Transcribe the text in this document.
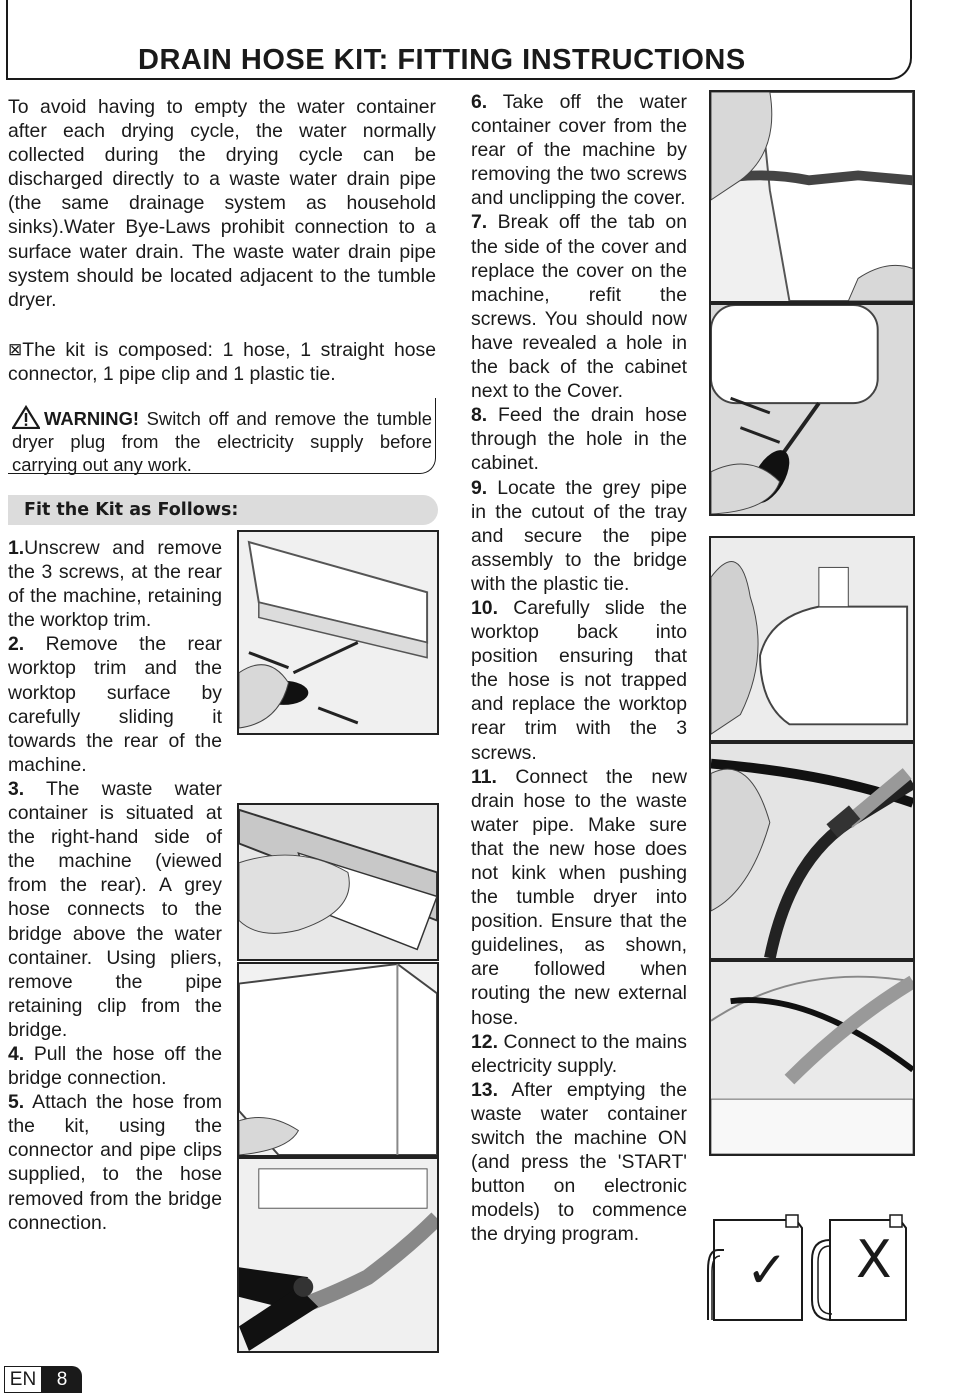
DRAIN HOSE KIT: FITTING INSTRUCTIONS

To avoid having to empty the water container after each drying cycle, the water normally collected during the drying cycle can be discharged directly to a waste water drain pipe (the same drainage system as household sinks).Water Bye-Laws prohibit connection to a surface water drain. The waste water drain pipe system should be located adjacent to the tumble dryer.

⊠The kit is composed: 1 hose, 1 straight hose connector, 1 pipe clip and 1 plastic tie.
WARNING! Switch off and remove the tumble dryer plug from the electricity supply before carrying out any work.
Fit the Kit as Follows:

1.Unscrew and remove the 3 screws, at the rear of the machine, retaining the worktop trim.

2. Remove the rear worktop trim and the worktop surface by carefully sliding it towards the rear of the machine.

3. The waste water container is situated at the right-hand side of the machine (viewed from the rear). A grey hose connects to the bridge above the water container. Using pliers, remove the pipe retaining clip from the bridge.

4. Pull the hose off the bridge connection.

5. Attach the hose from the kit, using the connector and pipe clips supplied, to the hose removed from the bridge connection.

6. Take off the water container cover from the rear of the machine by removing the two screws and unclipping the cover.

7. Break off the tab on the side of the cover and replace the cover on the machine, refit the screws. You should now have revealed a hole in the back of the cabinet next to the Cover.

8. Feed the drain hose through the hole in the cabinet.

9. Locate the grey pipe in the cutout of the tray and secure the pipe assembly to the bridge with the plastic tie.

10. Carefully slide the worktop back into position ensuring that the hose is not trapped and replace the worktop rear trim with the 3 screws.

11. Connect the new drain hose to the waste water pipe. Make sure that the new hose does not kink when pushing the tumble dryer into position. Ensure that the guidelines, as shown, are followed when routing the new external hose.

12. Connect to the mains electricity supply.

13. After emptying the waste water container switch the machine ON (and press the 'START' button on electronic models) to commence the drying program.

✓ X
EN	8
